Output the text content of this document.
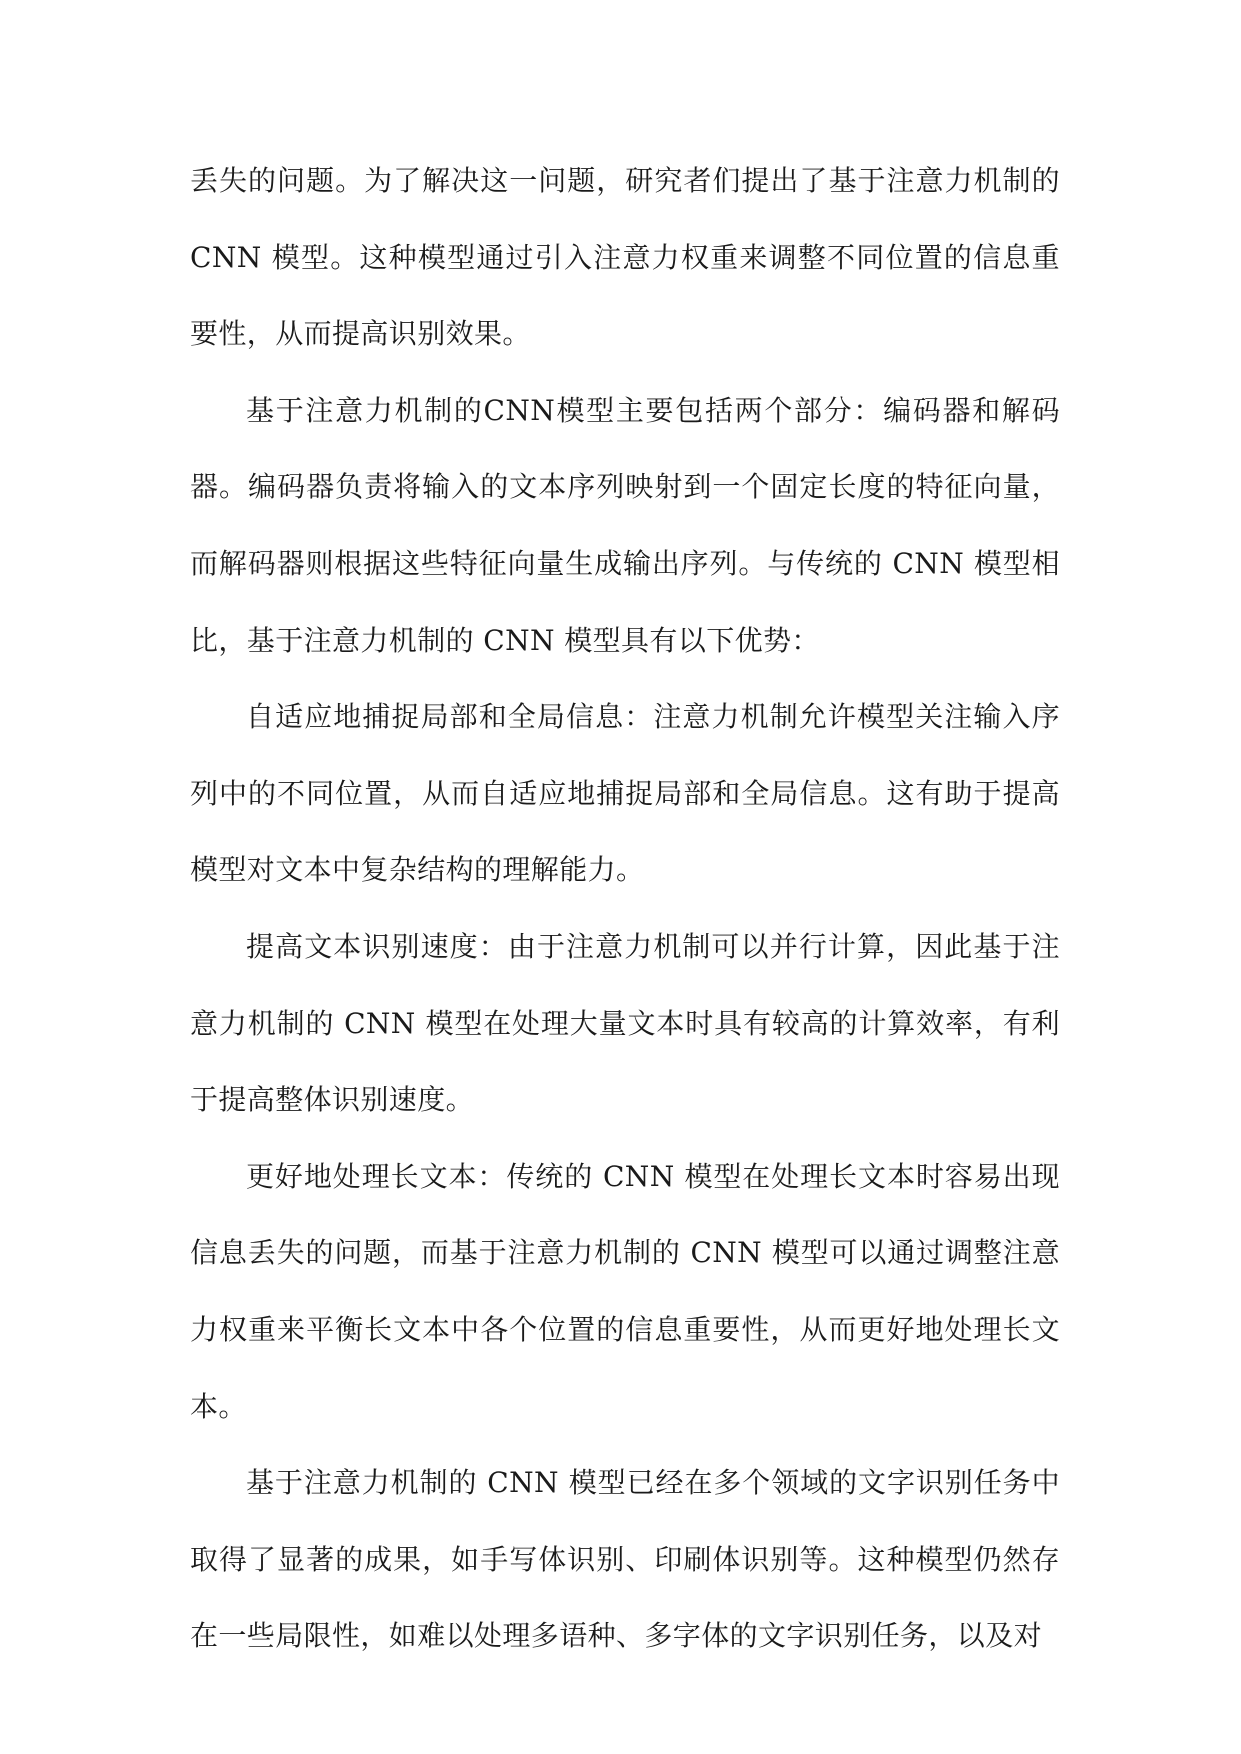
丢失的问题。为了解决这一问题，研究者们提出了基于注意力机制的CNN 模型。这种模型通过引入注意力权重来调整不同位置的信息重要性，从而提高识别效果。

基于注意力机制的CNN模型主要包括两个部分：编码器和解码器。编码器负责将输入的文本序列映射到一个固定长度的特征向量，而解码器则根据这些特征向量生成输出序列。与传统的 CNN 模型相比，基于注意力机制的 CNN 模型具有以下优势：

自适应地捕捉局部和全局信息：注意力机制允许模型关注输入序列中的不同位置，从而自适应地捕捉局部和全局信息。这有助于提高模型对文本中复杂结构的理解能力。

提高文本识别速度：由于注意力机制可以并行计算，因此基于注意力机制的 CNN 模型在处理大量文本时具有较高的计算效率，有利于提高整体识别速度。

更好地处理长文本：传统的 CNN 模型在处理长文本时容易出现信息丢失的问题，而基于注意力机制的 CNN 模型可以通过调整注意力权重来平衡长文本中各个位置的信息重要性，从而更好地处理长文本。

基于注意力机制的 CNN 模型已经在多个领域的文字识别任务中取得了显著的成果，如手写体识别、印刷体识别等。这种模型仍然存在一些局限性，如难以处理多语种、多字体的文字识别任务，以及对
